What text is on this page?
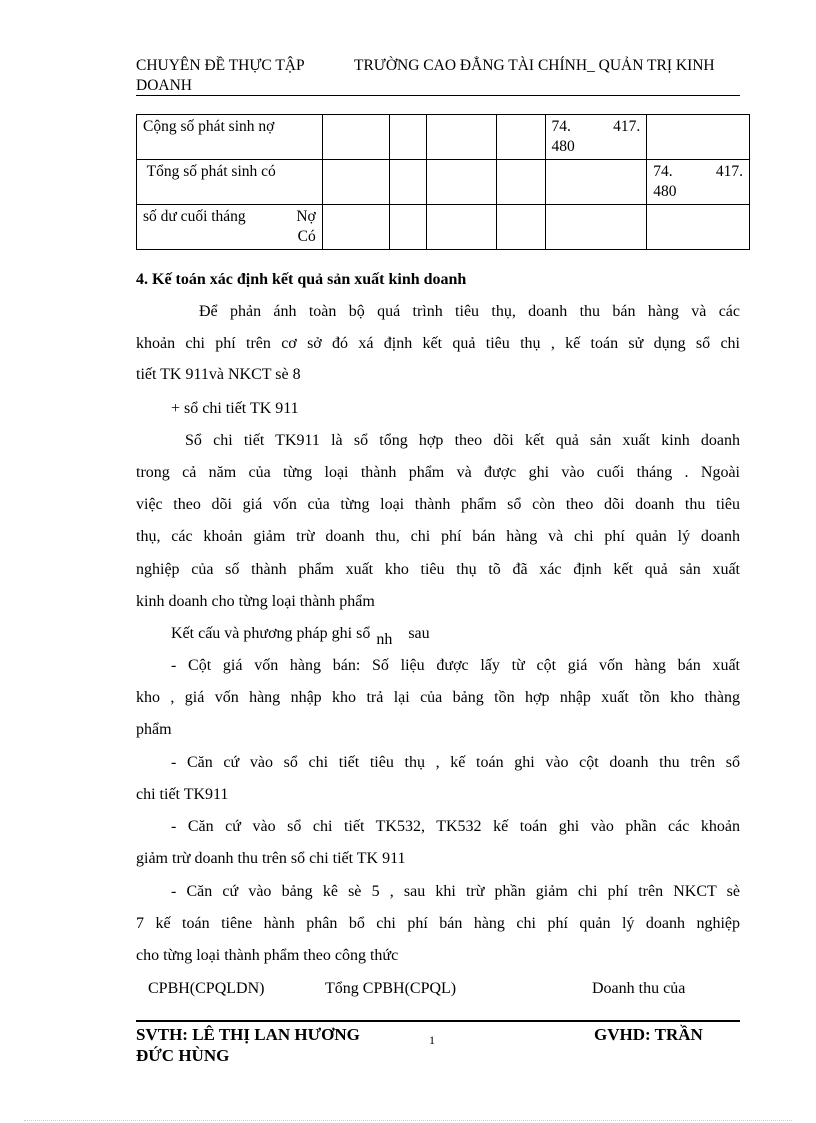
CHUYÊN ĐỀ THỰC TẬP	TRƯỜNG CAO ĐẲNG TÀI CHÍNH_ QUẢN TRỊ KINH
DOANH
Cộng số phát sinh nợ					74. 417.
480	

Tổng số phát sinh có						74. 417.
480

số dư cuối tháng Nợ
Có						

4. Kế toán xác định kết quả sản xuất kinh doanh
Để phản ánh toàn bộ quá trình tiêu thụ, doanh thu bán hàng và các
khoản chi phí trên cơ sở đó xá định kết quả tiêu thụ , kế toán sử dụng sổ chi
tiết TK 911và NKCT sè 8
+ sổ chi tiết TK 911
Sổ chi tiết TK911 là sổ tổng hợp theo dõi kết quả sản xuất kinh doanh
trong cả năm của từng loại thành phẩm và được ghi vào cuối tháng . Ngoài
việc theo dõi giá vốn của từng loại thành phẩm sổ còn theo dõi doanh thu tiêu
thụ, các khoản giảm trừ doanh thu, chi phí bán hàng và chi phí quản lý doanh
nghiệp của số thành phẩm xuất kho tiêu thụ tõ đã xác định kết quả sản xuất
kinh doanh cho từng loại thành phẩm
Kết cấu và phương pháp ghi sổ nh sau
- Cột giá vốn hàng bán: Số liệu được lấy từ cột giá vốn hàng bán xuất
kho , giá vốn hàng nhập kho trả lại của bảng tồn hợp nhập xuất tồn kho thàng
phẩm
- Căn cứ vào sổ chi tiết tiêu thụ , kế toán ghi vào cột doanh thu trên sổ
chi tiết TK911
- Căn cứ vào sổ chi tiết TK532, TK532 kế toán ghi vào phần các khoản
giảm trừ doanh thu trên sổ chi tiết TK 911
- Căn cứ vào bảng kê sè 5 , sau khi trừ phần giảm chi phí trên NKCT sè
7 kế toán tiêne hành phân bổ chi phí bán hàng chi phí quản lý doanh nghiệp
cho từng loại thành phẩm theo công thức
CPBH(CPQLDN)	Tổng CPBH(CPQL)	Doanh thu của
SVTH: LÊ THỊ LAN HƯƠNG	1	GVHD: TRẦN
ĐỨC HÙNG
